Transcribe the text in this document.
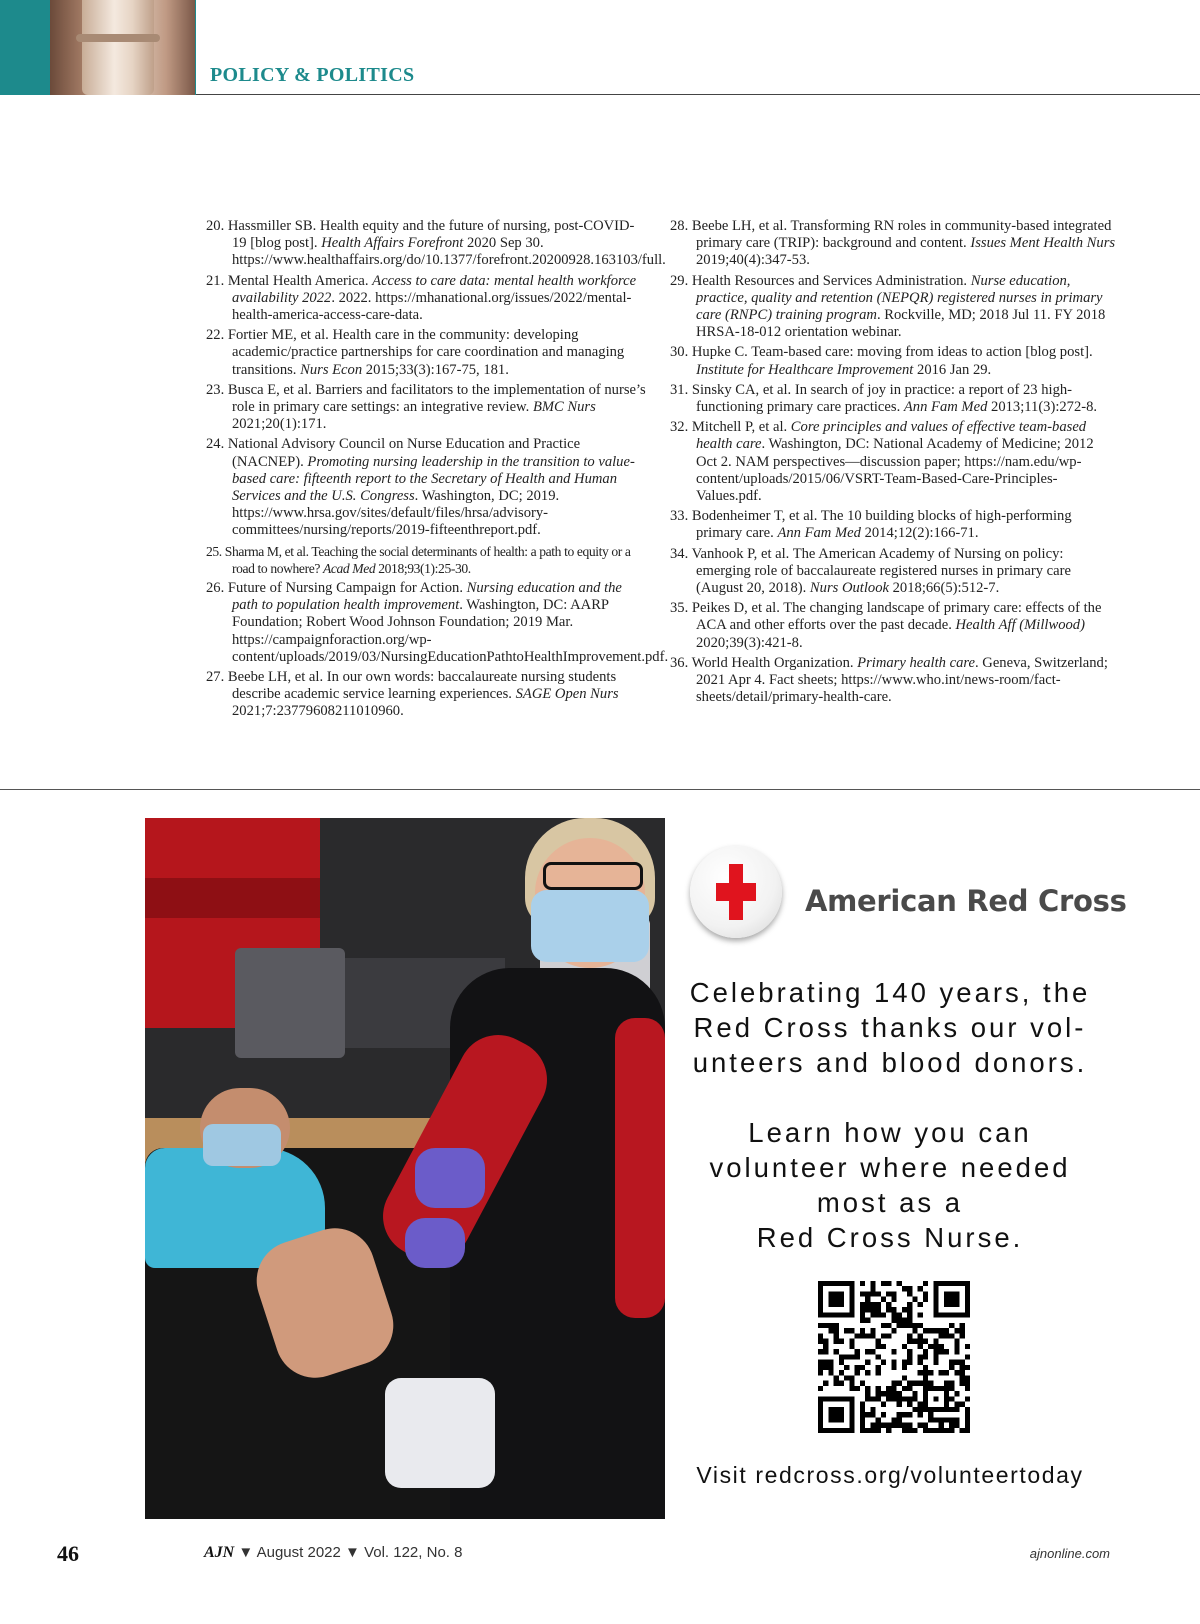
POLICY & POLITICS
20. Hassmiller SB. Health equity and the future of nursing, post-COVID-19 [blog post]. Health Affairs Forefront 2020 Sep 30. https://www.healthaffairs.org/do/10.1377/forefront.20200928.163103/full.
21. Mental Health America. Access to care data: mental health workforce availability 2022. 2022. https://mhanational.org/issues/2022/mental-health-america-access-care-data.
22. Fortier ME, et al. Health care in the community: developing academic/practice partnerships for care coordination and managing transitions. Nurs Econ 2015;33(3):167-75, 181.
23. Busca E, et al. Barriers and facilitators to the implementation of nurse’s role in primary care settings: an integrative review. BMC Nurs 2021;20(1):171.
24. National Advisory Council on Nurse Education and Practice (NACNEP). Promoting nursing leadership in the transition to value-based care: fifteenth report to the Secretary of Health and Human Services and the U.S. Congress. Washington, DC; 2019. https://www.hrsa.gov/sites/default/files/hrsa/advisory-committees/nursing/reports/2019-fifteenthreport.pdf.
25. Sharma M, et al. Teaching the social determinants of health: a path to equity or a road to nowhere? Acad Med 2018;93(1):25-30.
26. Future of Nursing Campaign for Action. Nursing education and the path to population health improvement. Washington, DC: AARP Foundation; Robert Wood Johnson Foundation; 2019 Mar. https://campaignforaction.org/wp-content/uploads/2019/03/NursingEducationPathtoHealthImprovement.pdf.
27. Beebe LH, et al. In our own words: baccalaureate nursing students describe academic service learning experiences. SAGE Open Nurs 2021;7:23779608211010960.
28. Beebe LH, et al. Transforming RN roles in community-based integrated primary care (TRIP): background and content. Issues Ment Health Nurs 2019;40(4):347-53.
29. Health Resources and Services Administration. Nurse education, practice, quality and retention (NEPQR) registered nurses in primary care (RNPC) training program. Rockville, MD; 2018 Jul 11. FY 2018 HRSA-18-012 orientation webinar.
30. Hupke C. Team-based care: moving from ideas to action [blog post]. Institute for Healthcare Improvement 2016 Jan 29.
31. Sinsky CA, et al. In search of joy in practice: a report of 23 high-functioning primary care practices. Ann Fam Med 2013;11(3):272-8.
32. Mitchell P, et al. Core principles and values of effective team-based health care. Washington, DC: National Academy of Medicine; 2012 Oct 2. NAM perspectives—discussion paper; https://nam.edu/wp-content/uploads/2015/06/VSRT-Team-Based-Care-Principles-Values.pdf.
33. Bodenheimer T, et al. The 10 building blocks of high-performing primary care. Ann Fam Med 2014;12(2):166-71.
34. Vanhook P, et al. The American Academy of Nursing on policy: emerging role of baccalaureate registered nurses in primary care (August 20, 2018). Nurs Outlook 2018;66(5):512-7.
35. Peikes D, et al. The changing landscape of primary care: effects of the ACA and other efforts over the past decade. Health Aff (Millwood) 2020;39(3):421-8.
36. World Health Organization. Primary health care. Geneva, Switzerland; 2021 Apr 4. Fact sheets; https://www.who.int/news-room/fact-sheets/detail/primary-health-care.
American Red Cross
Celebrating 140 years, the
Red Cross thanks our vol-
unteers and blood donors.
Learn how you can
volunteer where needed
most as a
Red Cross Nurse.
Visit redcross.org/volunteertoday
46	AJN ▼ August 2022 ▼ Vol. 122, No. 8	ajnonline.com
